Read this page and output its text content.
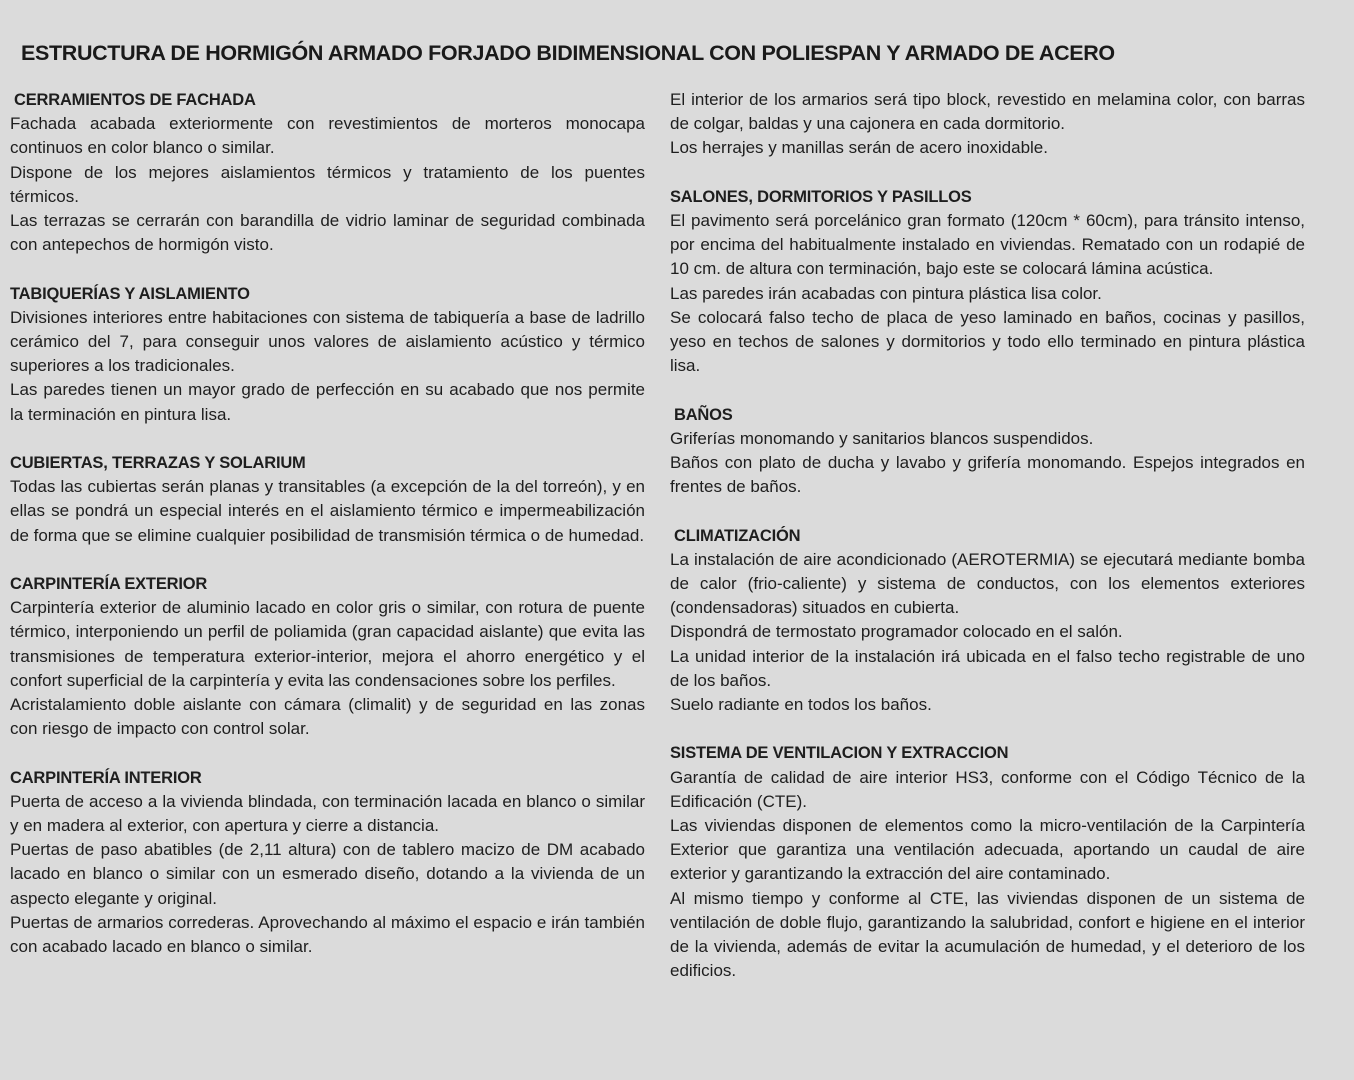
ESTRUCTURA DE HORMIGÓN ARMADO FORJADO BIDIMENSIONAL CON POLIESPAN Y ARMADO DE ACERO
CERRAMIENTOS DE FACHADA
Fachada acabada exteriormente con revestimientos de morteros monocapa continuos en color blanco o similar.
Dispone de los mejores aislamientos térmicos y tratamiento de los puentes térmicos.
Las terrazas se cerrarán con barandilla de vidrio laminar de seguridad combinada con antepechos de hormigón visto.
TABIQUERÍAS Y AISLAMIENTO
Divisiones interiores entre habitaciones con sistema de tabiquería a base de ladrillo cerámico del 7, para conseguir unos valores de aislamiento acústico y térmico superiores a los tradicionales.
Las paredes tienen un mayor grado de perfección en su acabado que nos permite la terminación en pintura lisa.
CUBIERTAS, TERRAZAS Y SOLARIUM
Todas las cubiertas serán planas y transitables (a excepción de la del torreón), y en ellas se pondrá un especial interés en el aislamiento térmico e impermeabilización de forma que se elimine cualquier posibilidad de transmisión térmica o de humedad.
CARPINTERÍA EXTERIOR
Carpintería exterior de aluminio lacado en color gris o similar, con rotura de puente térmico, interponiendo un perfil de poliamida (gran capacidad aislante) que evita las transmisiones de temperatura exterior-interior, mejora el ahorro energético y el confort superficial de la carpintería y evita las condensaciones sobre los perfiles.
Acristalamiento doble aislante con cámara (climalit) y de seguridad en las zonas con riesgo de impacto con control solar.
CARPINTERÍA INTERIOR
Puerta de acceso a la vivienda blindada, con terminación lacada en blanco o similar y en madera al exterior, con apertura y cierre a distancia.
Puertas de paso abatibles (de 2,11 altura) con de tablero macizo de DM acabado lacado en blanco o similar con un esmerado diseño, dotando a la vivienda de un aspecto elegante y original.
Puertas de armarios correderas. Aprovechando al máximo el espacio e irán también con acabado lacado en blanco o similar.
El interior de los armarios será tipo block, revestido en melamina color, con barras de colgar, baldas y una cajonera en cada dormitorio.
Los herrajes y manillas serán de acero inoxidable.
SALONES, DORMITORIOS Y PASILLOS
El pavimento será porcelánico gran formato (120cm * 60cm), para tránsito intenso, por encima del habitualmente instalado en viviendas. Rematado con un rodapié de 10 cm. de altura con terminación, bajo este se colocará lámina acústica.
Las paredes irán acabadas con pintura plástica lisa color.
Se colocará falso techo de placa de yeso laminado en baños, cocinas y pasillos, yeso en techos de salones y dormitorios y todo ello terminado en pintura plástica lisa.
BAÑOS
Griferías monomando y sanitarios blancos suspendidos.
Baños con plato de ducha y lavabo y grifería monomando. Espejos integrados en frentes de baños.
CLIMATIZACIÓN
La instalación de aire acondicionado (AEROTERMIA) se ejecutará mediante bomba de calor (frio-caliente) y sistema de conductos, con los elementos exteriores (condensadoras) situados en cubierta.
Dispondrá de termostato programador colocado en el salón.
La unidad interior de la instalación irá ubicada en el falso techo registrable de uno de los baños.
Suelo radiante en todos los baños.
SISTEMA DE VENTILACION Y EXTRACCION
Garantía de calidad de aire interior HS3, conforme con el Código Técnico de la Edificación (CTE).
Las viviendas disponen de elementos como la micro-ventilación de la Carpintería Exterior que garantiza una ventilación adecuada, aportando un caudal de aire exterior y garantizando la extracción del aire contaminado.
Al mismo tiempo y conforme al CTE, las viviendas disponen de un sistema de ventilación de doble flujo, garantizando la salubridad, confort e higiene en el interior de la vivienda, además de evitar la acumulación de humedad, y el deterioro de los edificios.
